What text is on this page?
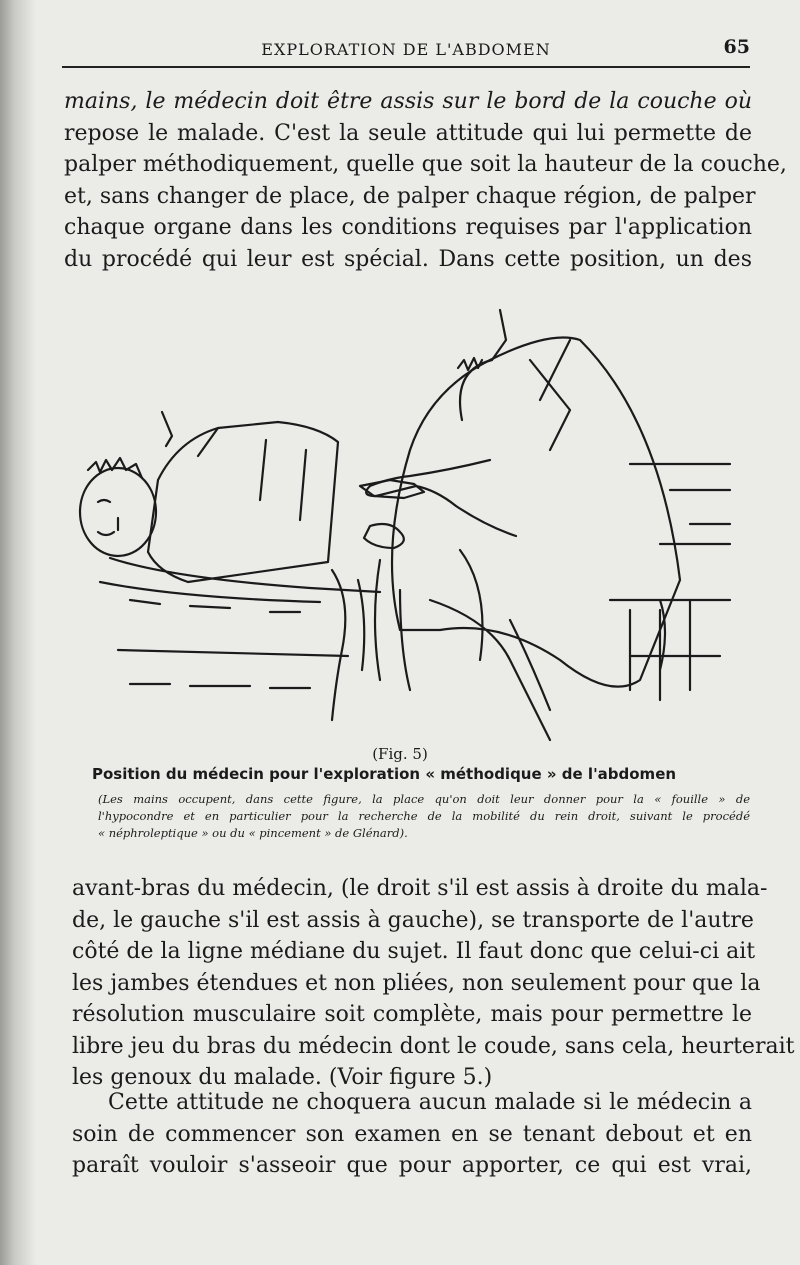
EXPLORATION DE L'ABDOMEN	65
mains, le médecin doit être assis sur le bord de la couche où
repose le malade. C'est la seule attitude qui lui permette de
palper méthodiquement, quelle que soit la hauteur de la couche,
et, sans changer de place, de palper chaque région, de palper
chaque organe dans les conditions requises par l'application
du procédé qui leur est spécial. Dans cette position, un des
(Fig. 5)
Position du médecin pour l'exploration « méthodique » de l'abdomen
(Les mains occupent, dans cette figure, la place qu'on doit leur donner pour la « fouille » de
l'hypocondre et en particulier pour la recherche de la mobilité du rein droit, suivant le procédé
« néphroleptique » ou du « pincement » de Glénard).
avant-bras du médecin, (le droit s'il est assis à droite du mala-
de, le gauche s'il est assis à gauche), se transporte de l'autre
côté de la ligne médiane du sujet. Il faut donc que celui-ci ait
les jambes étendues et non pliées, non seulement pour que la
résolution musculaire soit complète, mais pour permettre le
libre jeu du bras du médecin dont le coude, sans cela, heurterait
les genoux du malade. (Voir figure 5.)
Cette attitude ne choquera aucun malade si le médecin a
soin de commencer son examen en se tenant debout et en
paraît vouloir s'asseoir que pour apporter, ce qui est vrai,
